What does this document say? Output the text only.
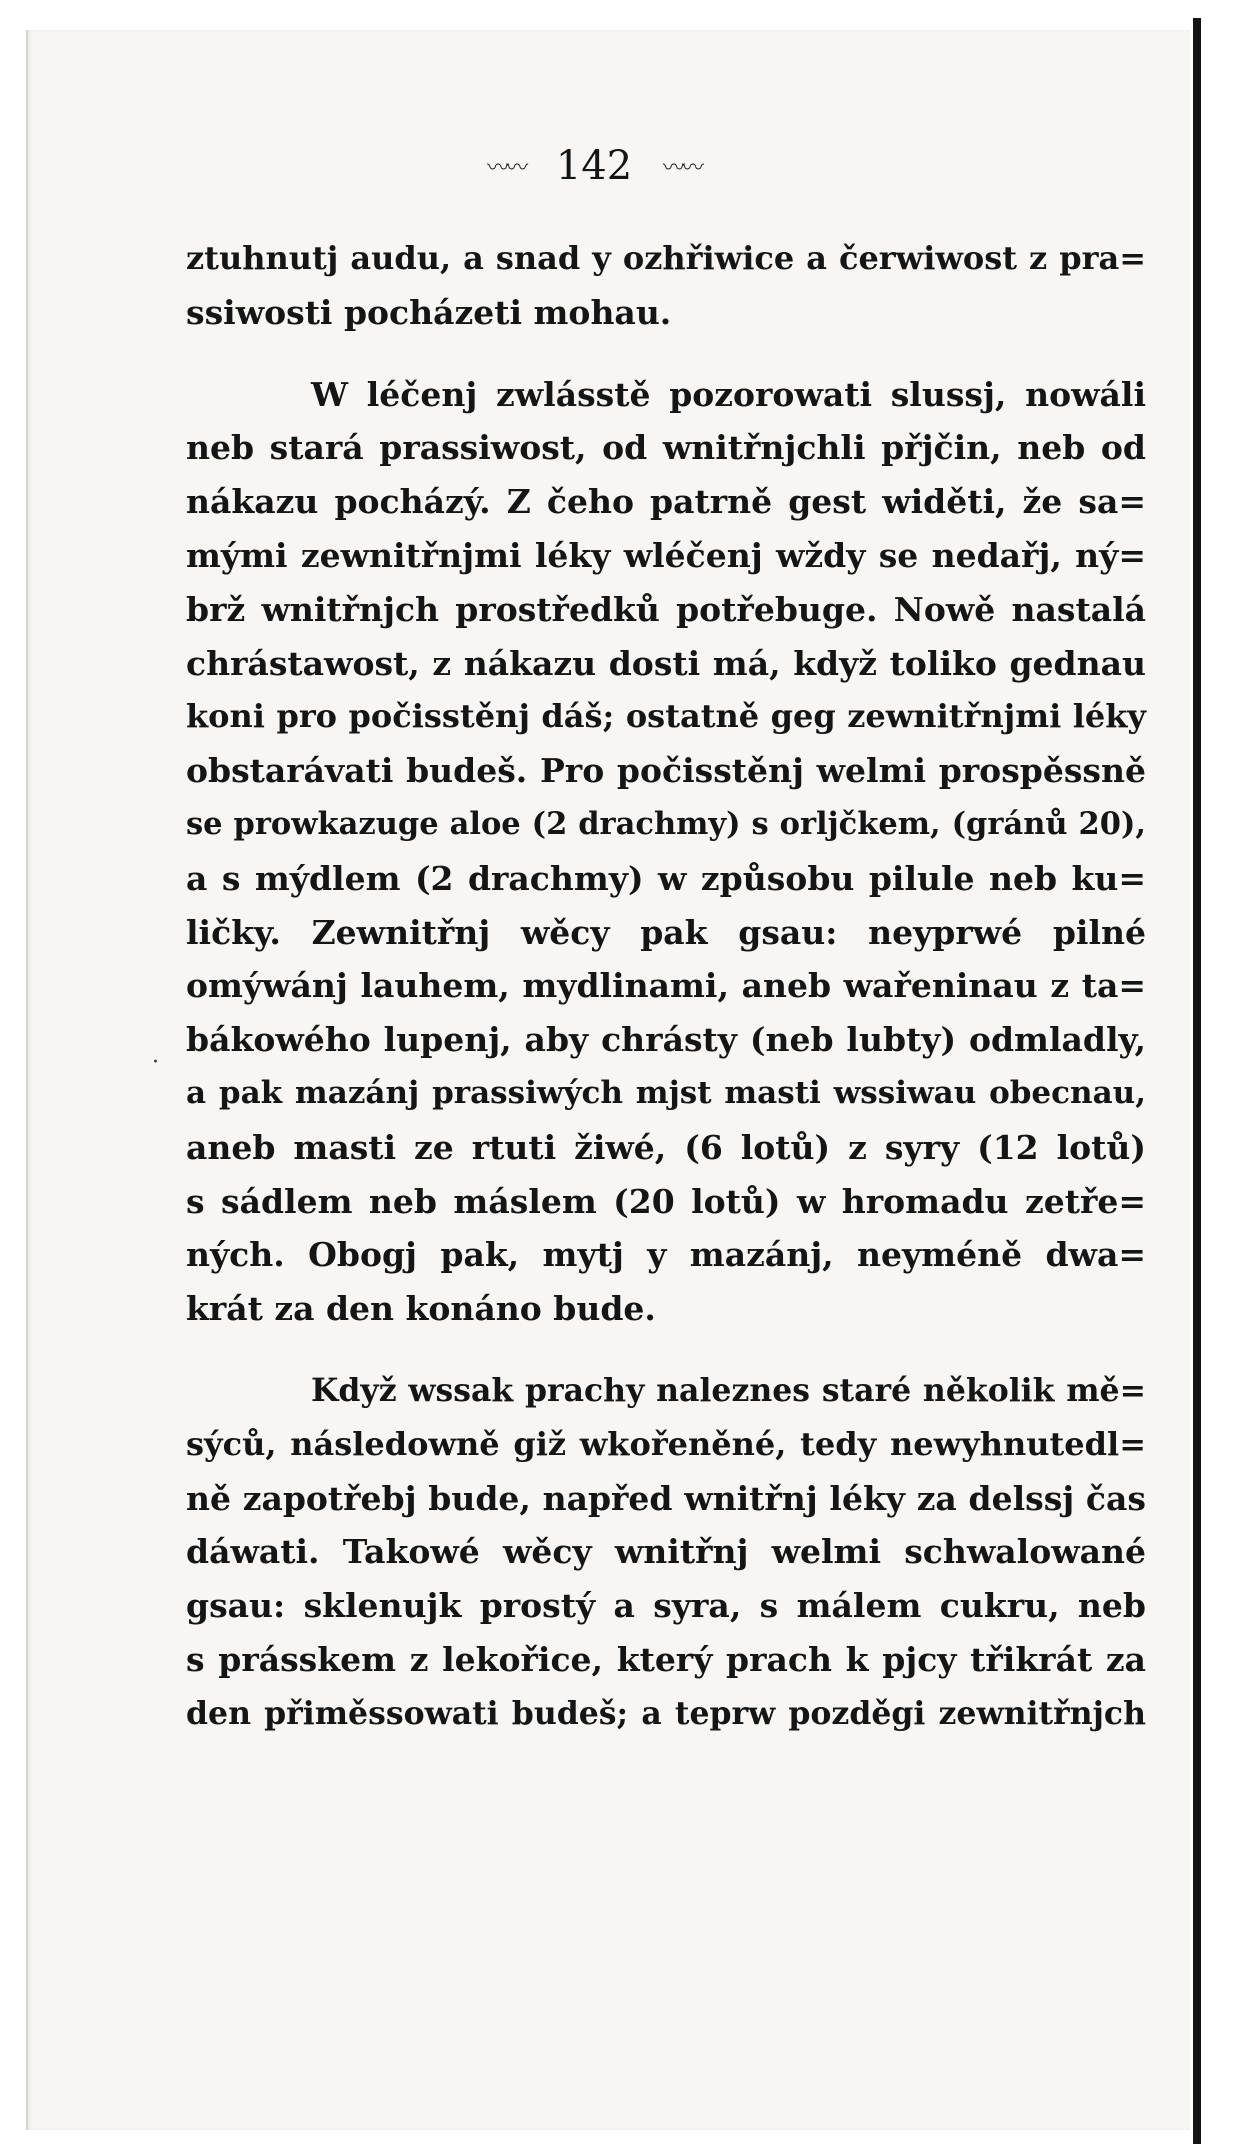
〰〰 142 〰〰
·
ztuhnutj audu, a snad y ozhřiwice a čerwiwost z pra=
ssiwosti pocházeti mohau.
W léčenj zwlásstě pozorowati slussj, nowáli
neb stará prassiwost, od wnitřnjchli přjčin, neb od
nákazu pocházý. Z čeho patrně gest widěti, že sa=
mými zewnitřnjmi léky wléčenj wždy se nedařj, ný=
brž wnitřnjch prostředků potřebuge. Nowě nastalá
chrástawost, z nákazu dosti má, když toliko gednau
koni pro počisstěnj dáš; ostatně geg zewnitřnjmi léky
obstarávati budeš. Pro počisstěnj welmi prospěssně
se prowkazuge aloe (2 drachmy) s orljčkem, (gránů 20),
a s mýdlem (2 drachmy) w způsobu pilule neb ku=
ličky. Zewnitřnj wěcy pak gsau: neyprwé pilné
omýwánj lauhem, mydlinami, aneb wařeninau z ta=
bákowého lupenj, aby chrásty (neb lubty) odmladly,
a pak mazánj prassiwých mjst masti wssiwau obecnau,
aneb masti ze rtuti žiwé, (6 lotů) z syry (12 lotů)
s sádlem neb máslem (20 lotů) w hromadu zetře=
ných. Obogj pak, mytj y mazánj, neyméně dwa=
krát za den konáno bude.
Když wssak prachy naleznes staré několik mě=
sýců, následowně giž wkořeněné, tedy newyhnutedl=
ně zapotřebj bude, napřed wnitřnj léky za delssj čas
dáwati. Takowé wěcy wnitřnj welmi schwalowané
gsau: sklenujk prostý a syra, s málem cukru, neb
s prásskem z lekořice, který prach k pjcy třikrát za
den přiměssowati budeš; a teprw pozděgi zewnitřnjch
